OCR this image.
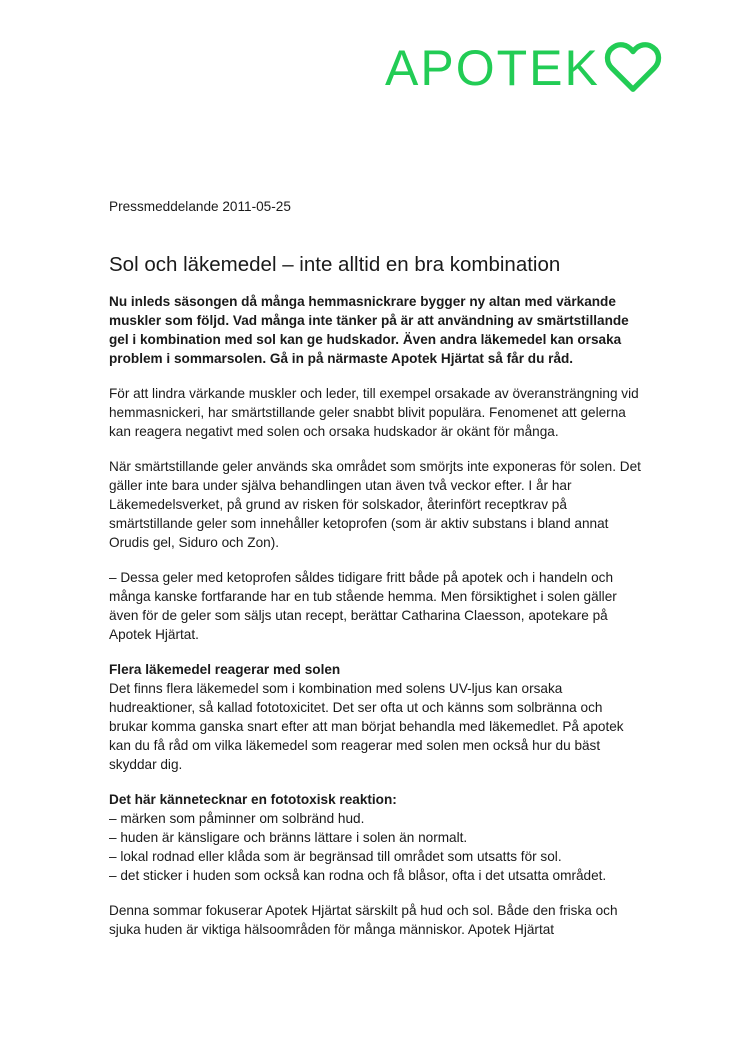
APOTEK
Pressmeddelande 2011-05-25
Sol och läkemedel – inte alltid en bra kombination

Nu inleds säsongen då många hemmasnickrare bygger ny altan med värkande muskler som följd. Vad många inte tänker på är att användning av smärtstillande gel i kombination med sol kan ge hudskador. Även andra läkemedel kan orsaka problem i sommarsolen. Gå in på närmaste Apotek Hjärtat så får du råd.

För att lindra värkande muskler och leder, till exempel orsakade av överansträngning vid hemmasnickeri, har smärtstillande geler snabbt blivit populära. Fenomenet att gelerna kan reagera negativt med solen och orsaka hudskador är okänt för många.

När smärtstillande geler används ska området som smörjts inte exponeras för solen. Det gäller inte bara under själva behandlingen utan även två veckor efter. I år har Läkemedelsverket, på grund av risken för solskador, återinfört receptkrav på smärtstillande geler som innehåller ketoprofen (som är aktiv substans i bland annat Orudis gel, Siduro och Zon).

– Dessa geler med ketoprofen såldes tidigare fritt både på apotek och i handeln och många kanske fortfarande har en tub stående hemma. Men försiktighet i solen gäller även för de geler som säljs utan recept, berättar Catharina Claesson, apotekare på Apotek Hjärtat.

Flera läkemedel reagerar med solen

Det finns flera läkemedel som i kombination med solens UV-ljus kan orsaka hudreaktioner, så kallad fototoxicitet. Det ser ofta ut och känns som solbränna och brukar komma ganska snart efter att man börjat behandla med läkemedlet. På apotek kan du få råd om vilka läkemedel som reagerar med solen men också hur du bäst skyddar dig.

Det här kännetecknar en fototoxisk reaktion:
– märken som påminner om solbränd hud.
– huden är känsligare och bränns lättare i solen än normalt.
– lokal rodnad eller klåda som är begränsad till området som utsatts för sol.
– det sticker i huden som också kan rodna och få blåsor, ofta i det utsatta området.

Denna sommar fokuserar Apotek Hjärtat särskilt på hud och sol. Både den friska och sjuka huden är viktiga hälsoområden för många människor. Apotek Hjärtat
